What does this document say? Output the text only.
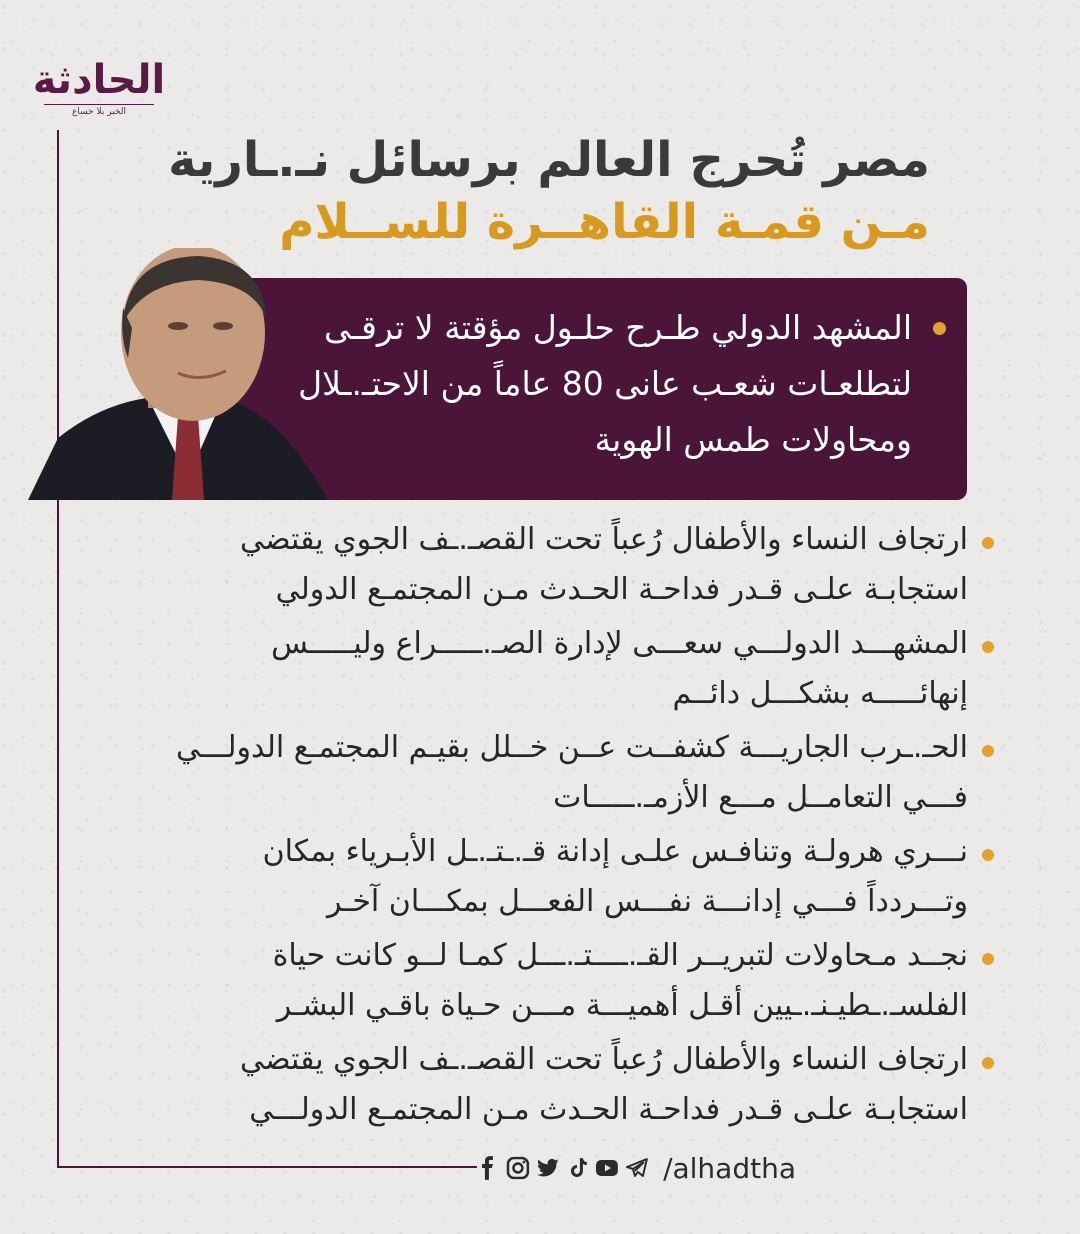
الحادثة
الخبر بلا خساع
مصر تُحرج العالم برسائل نـ.ـارية
مـن قمـة القاهــرة للســلام
المشهد الدولي طـرح حلـول مؤقتة لا ترقـى لتطلعـات شعـب عانى 80 عاماً من الاحتـ.ـلال ومحاولات طمس الهوية
ارتجاف النساء والأطفال رُعباً تحت القصـ.ـف الجوي يقتضي استجابـة علـى قـدر فداحـة الحـدث مـن المجتمـع الدولي
المشهـــد الدولـــي سعـــى لإدارة الصـ.ـــــراع وليـــــس إنهائـــــه بشكـــل دائــم
الحـ.ـرب الجاريـــة كشفــت عــن خــلل بقيـم المجتمـع الدولـــي فـــي التعامــل مـــع الأزمـ.ـــــات
نـــري هرولـة وتنافـس علـى إدانة قـ.ـتـ.ـل الأبـرياء بمكان وتـــردداً فـــي إدانـــة نفـــس الفعـــل بمكـــان آخـر
نجــد مـحاولات لتبريــر القـ.ــــتـ.ـــل كمـا لــو كانت حياة الفلسـ.ـطيـنـ.ـيين أقـل أهميـــة مـــن حـياة باقـي البشـر
ارتجاف النساء والأطفال رُعباً تحت القصـ.ـف الجوي يقتضي استجابـة علـى قـدر فداحـة الحـدث مـن المجتمـع الدولـــي
/alhadtha
